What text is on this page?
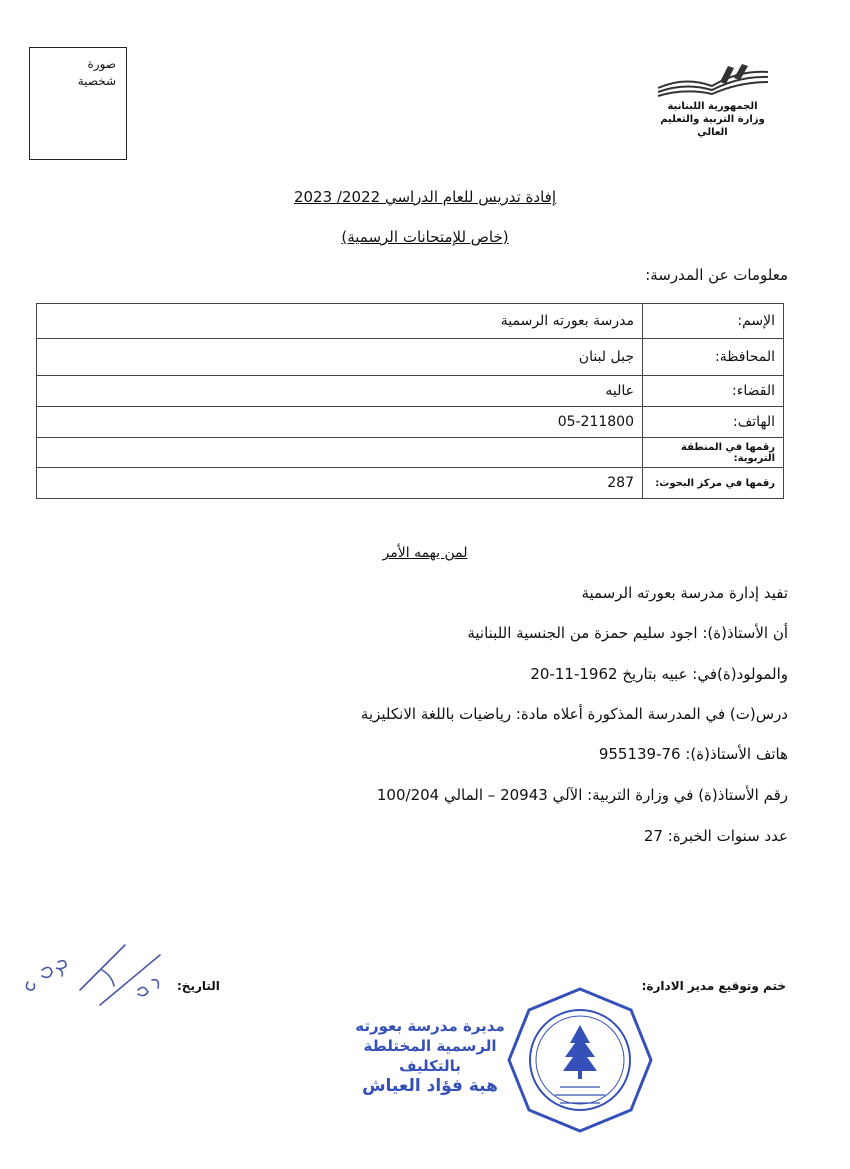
صورة
شخصية
الجمهورية اللبنانية
وزارة التربية والتعليم العالي
إفادة تدريس للعام الدراسي 2022/ 2023
(خاص للإمتحانات الرسمية)
معلومات عن المدرسة:
الإسم:	مدرسة بعورته الرسمية
المحافظة:	جبل لبنان
القضاء:	عاليه
الهاتف:	05-211800
رقمها في المنطقة التربوية:	
رقمها في مركز البحوث:	287
لمن يهمه الأمر
تفيد إدارة مدرسة بعورته الرسمية
أن الأستاذ(ة): اجود سليم حمزة من الجنسية اللبنانية
والمولود(ة)في: عبيه بتاريخ 1962-11-20
درس(ت) في المدرسة المذكورة أعلاه مادة: رياضيات باللغة الانكليزية
هاتف الأستاذ(ة): 76-955139
رقم الأستاذ(ة) في وزارة التربية: الآلي 20943 – المالي 100/204
عدد سنوات الخبرة: 27
ختم وتوقيع مدير الادارة:
التاريخ:
مديرة مدرسة بعورته
الرسمية المختلطة بالتكليف
هبة فؤاد العياش
